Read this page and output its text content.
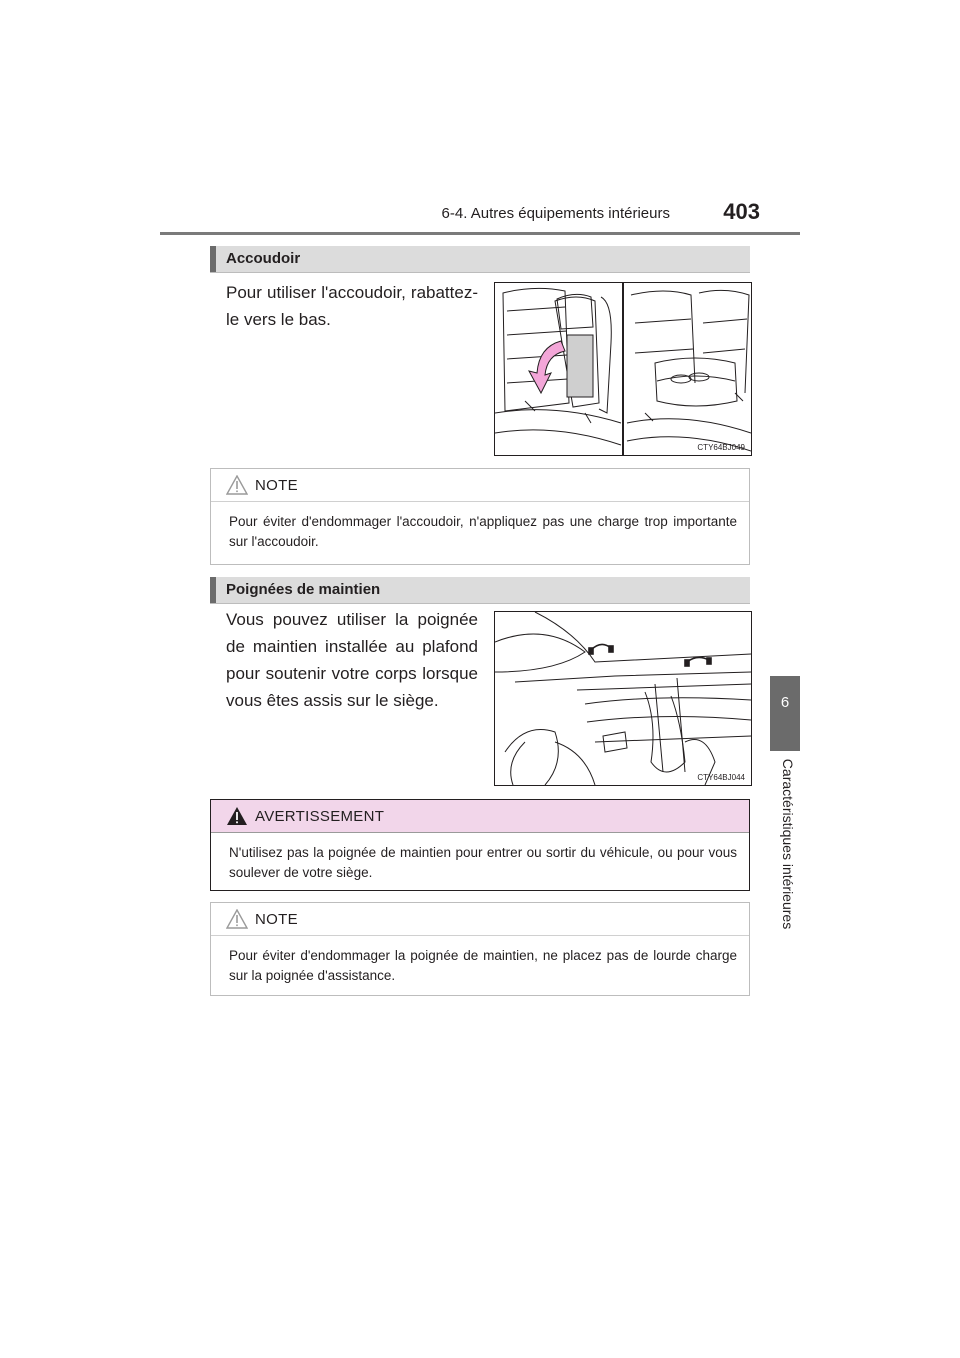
6-4. Autres équipements intérieurs	403
6
Caractéristiques intérieures
Accoudoir
Pour utiliser l'accoudoir, rabattez-le vers le bas.
CTY64BJ049
NOTE
Pour éviter d'endommager l'accoudoir, n'appliquez pas une charge trop importante sur l'accoudoir.
Poignées de maintien
Vous pouvez utiliser la poignée de maintien installée au plafond pour soutenir votre corps lorsque vous êtes assis sur le siège.
CTY64BJ044
AVERTISSEMENT
N'utilisez pas la poignée de maintien pour entrer ou sortir du véhicule, ou pour vous soulever de votre siège.
NOTE
Pour éviter d'endommager la poignée de maintien, ne placez pas de lourde charge sur la poignée d'assistance.
